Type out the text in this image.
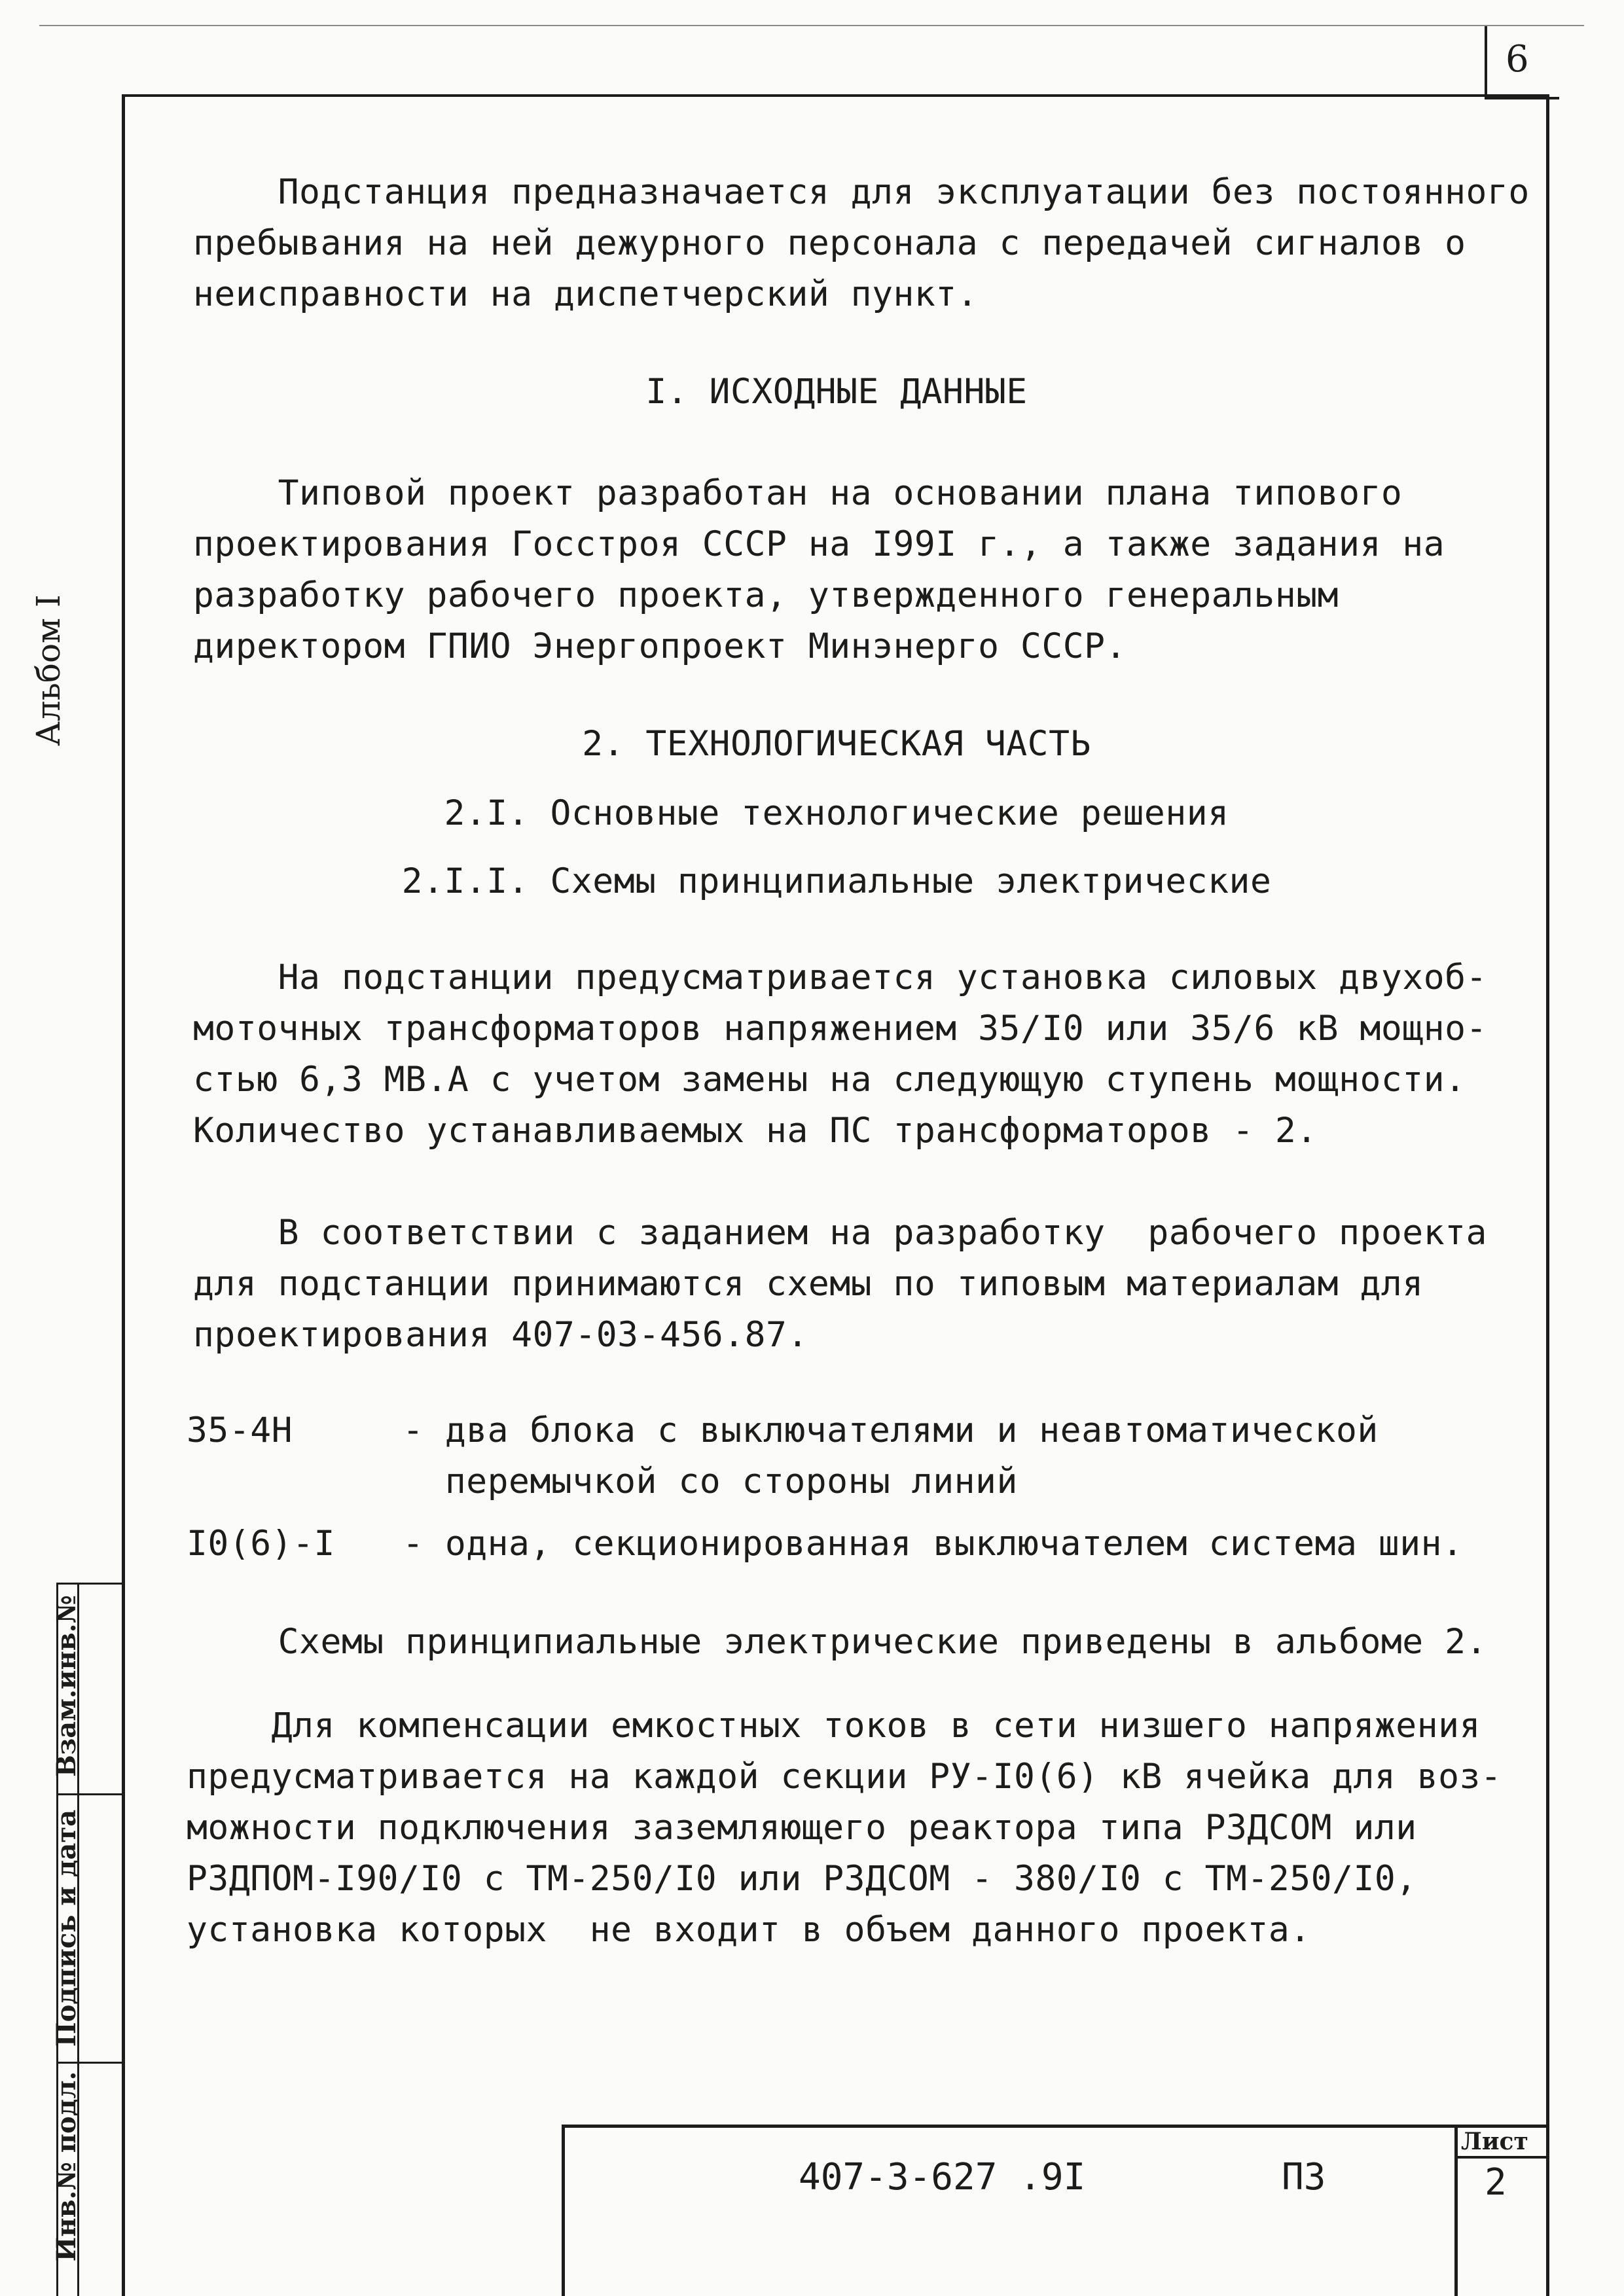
6
Альбом I
Взам.инв.№
Подпись и дата
Инв.№ подл.
Подстанция предназначается для эксплуатации без постоянного
пребывания на ней дежурного персонала с передачей сигналов о
неисправности на диспетчерский пункт.
I. ИСХОДНЫЕ ДАННЫЕ
Типовой проект разработан на основании плана типового
проектирования Госстроя СССР на I99I г., а также задания на
разработку рабочего проекта, утвержденного генеральным
директором ГПИО Энергопроект Минэнерго СССР.
2. ТЕХНОЛОГИЧЕСКАЯ ЧАСТЬ
2.I. Основные технологические решения
2.I.I. Схемы принципиальные электрические
На подстанции предусматривается установка силовых двухоб-
моточных трансформаторов напряжением 35/I0 или 35/6 кВ мощно-
стью 6,3 МВ.А с учетом замены на следующую ступень мощности.
Количество устанавливаемых на ПС трансформаторов - 2.
В соответствии с заданием на разработку  рабочего проекта
для подстанции принимаются схемы по типовым материалам для
проектирования 407-03-456.87.
35-4Н	- два блока с выключателями и неавтоматической
перемычкой со стороны линий
I0(6)-I - одна, секционированная выключателем система шин.
Схемы принципиальные электрические приведены в альбоме 2.
Для компенсации емкостных токов в сети низшего напряжения
предусматривается на каждой секции РУ-I0(6) кВ ячейка для воз-
можности подключения заземляющего реактора типа РЗДСОМ или
РЗДПОМ-I90/I0 с ТМ-250/I0 или РЗДСОМ - 380/I0 с ТМ-250/I0,
установка которых  не входит в объем данного проекта.
407-3-627 .9I	ПЗ
Лист
2
